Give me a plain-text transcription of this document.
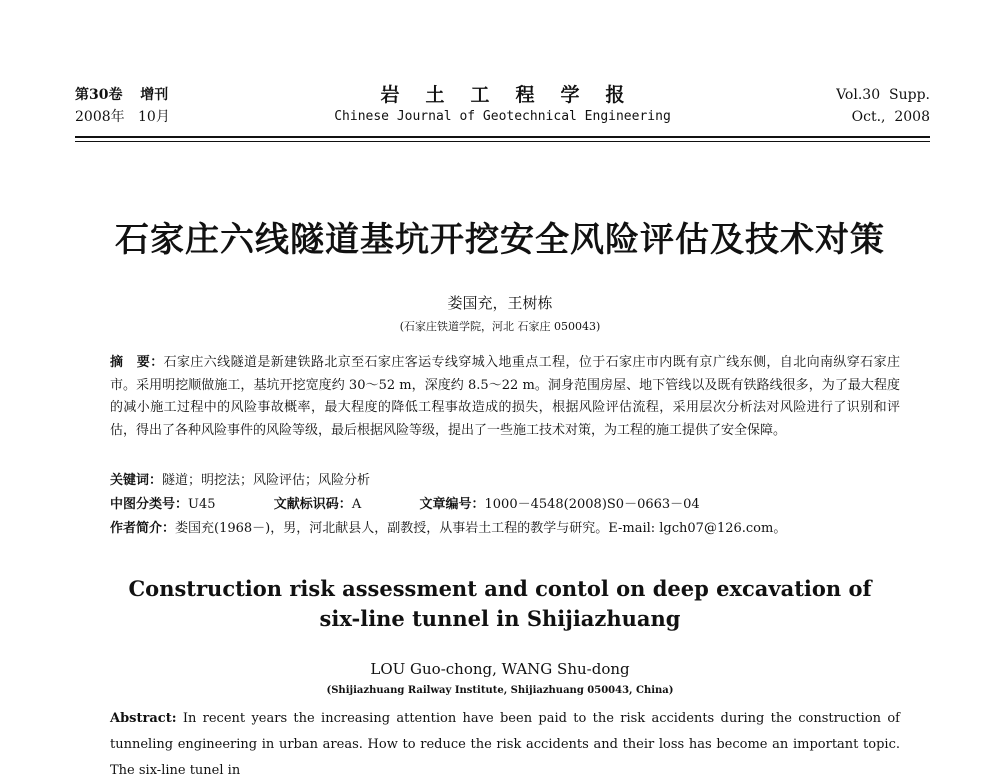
第30卷 增刊
2008年 10月
岩土工程学报
Chinese Journal of Geotechnical Engineering
Vol.30  Supp.
Oct.,  2008
石家庄六线隧道基坑开挖安全风险评估及技术对策
娄国充，王树栋
(石家庄铁道学院，河北 石家庄 050043)
摘　要：石家庄六线隧道是新建铁路北京至石家庄客运专线穿城入地重点工程，位于石家庄市内既有京广线东侧，自北向南纵穿石家庄市。采用明挖顺做施工，基坑开挖宽度约 30～52 m，深度约 8.5～22 m。洞身范围房屋、地下管线以及既有铁路线很多，为了最大程度的减小施工过程中的风险事故概率，最大程度的降低工程事故造成的损失，根据风险评估流程，采用层次分析法对风险进行了识别和评估，得出了各种风险事件的风险等级，最后根据风险等级，提出了一些施工技术对策，为工程的施工提供了安全保障。
关键词：隧道；明挖法；风险评估；风险分析
中图分类号：U45	文献标识码：A	文章编号：1000－4548(2008)S0－0663－04
作者简介：娄国充(1968－)，男，河北献县人，副教授，从事岩土工程的教学与研究。E-mail: lgch07@126.com。
Construction risk assessment and contol on deep excavation of
six-line tunnel in Shijiazhuang
LOU Guo-chong, WANG Shu-dong
(Shijiazhuang Railway Institute, Shijiazhuang 050043, China)
Abstract: In recent years the increasing attention have been paid to the risk accidents during the construction of tunneling engineering in urban areas. How to reduce the risk accidents and their loss has become an important topic. The six-line tunel in
